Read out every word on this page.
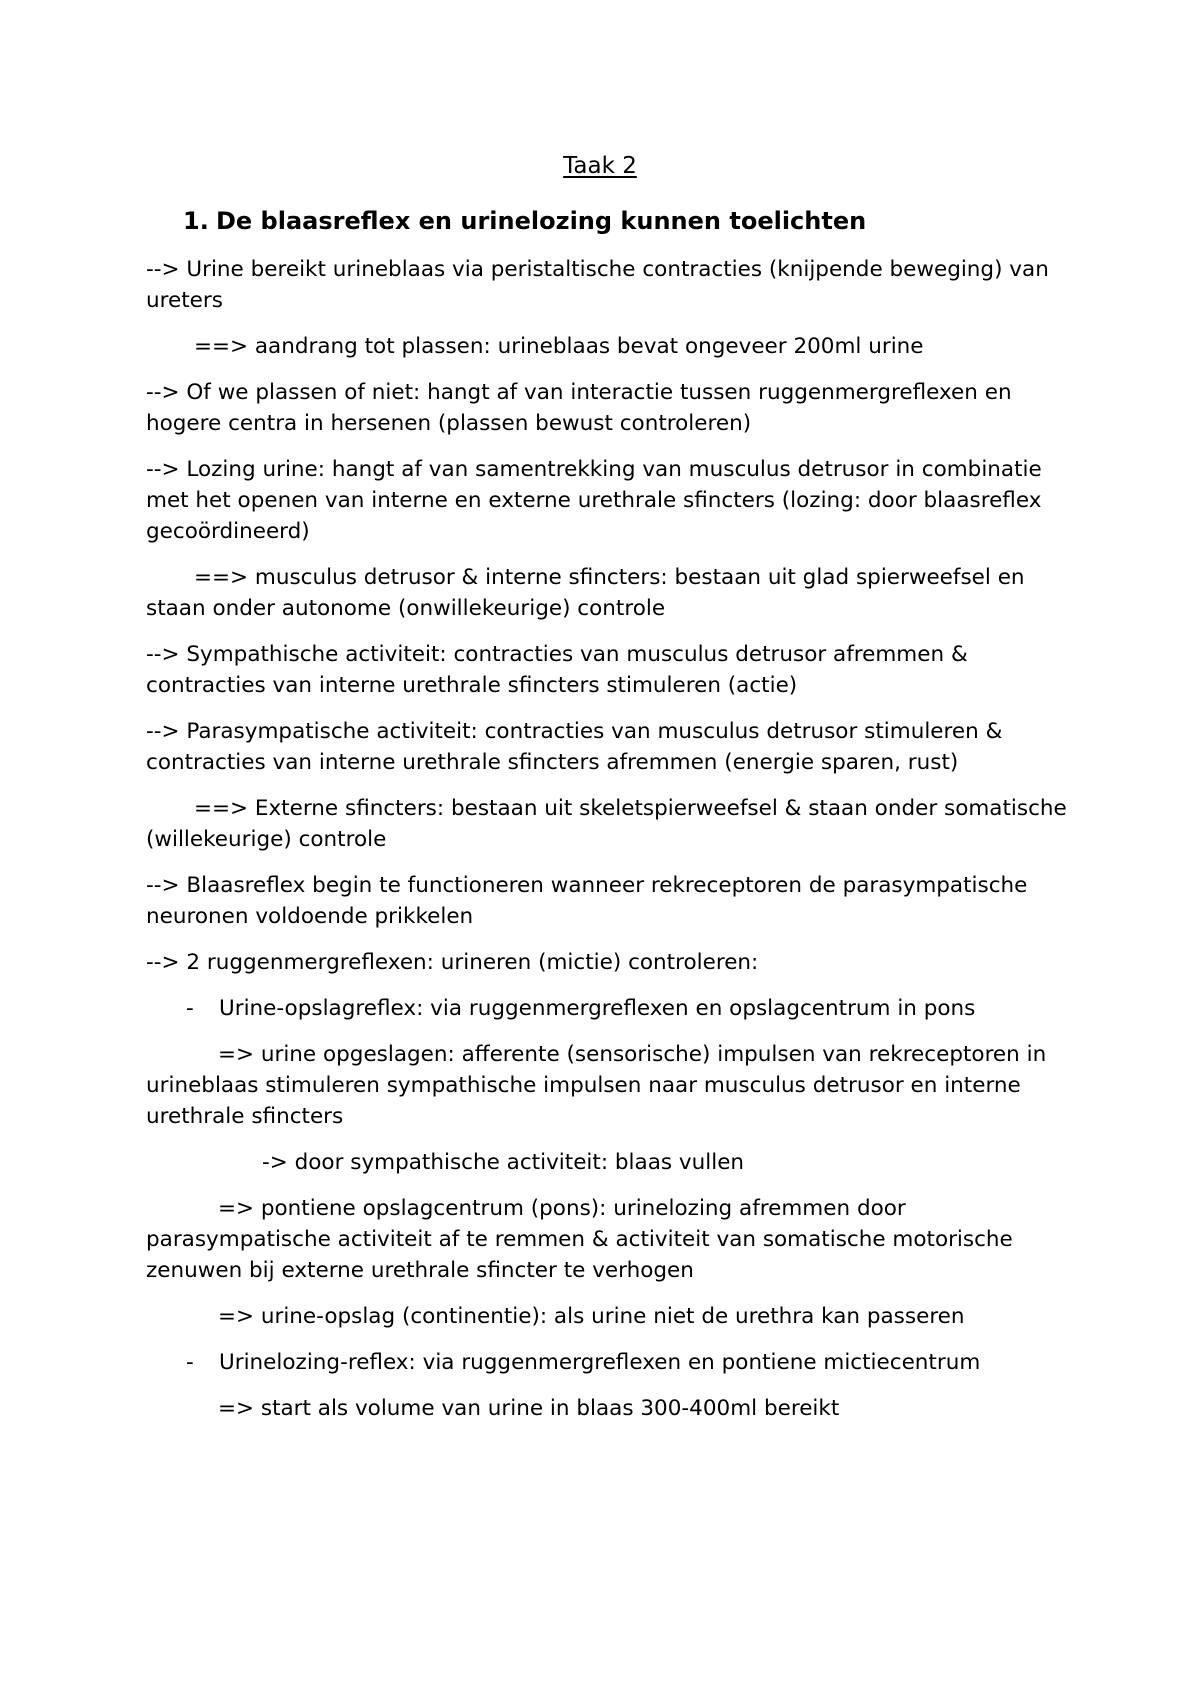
Taak 2
1. De blaasreflex en urinelozing kunnen toelichten

--> Urine bereikt urineblaas via peristaltische contracties (knijpende beweging) van ureters

==> aandrang tot plassen: urineblaas bevat ongeveer 200ml urine

--> Of we plassen of niet: hangt af van interactie tussen ruggenmergreflexen en hogere centra in hersenen (plassen bewust controleren)

--> Lozing urine: hangt af van samentrekking van musculus detrusor in combinatie met het openen van interne en externe urethrale sfincters (lozing: door blaasreflex gecoördineerd)

==> musculus detrusor & interne sfincters: bestaan uit glad spierweefsel en staan onder autonome (onwillekeurige) controle

--> Sympathische activiteit: contracties van musculus detrusor afremmen & contracties van interne urethrale sfincters stimuleren (actie)

--> Parasympatische activiteit: contracties van musculus detrusor stimuleren & contracties van interne urethrale sfincters afremmen (energie sparen, rust)

==> Externe sfincters: bestaan uit skeletspierweefsel & staan onder somatische (willekeurige) controle

--> Blaasreflex begin te functioneren wanneer rekreceptoren de parasympatische neuronen voldoende prikkelen

--> 2 ruggenmergreflexen: urineren (mictie) controleren:

- Urine-opslagreflex: via ruggenmergreflexen en opslagcentrum in pons

=> urine opgeslagen: afferente (sensorische) impulsen van rekreceptoren in urineblaas stimuleren sympathische impulsen naar musculus detrusor en interne urethrale sfincters

-> door sympathische activiteit: blaas vullen

=> pontiene opslagcentrum (pons): urinelozing afremmen door parasympatische activiteit af te remmen & activiteit van somatische motorische zenuwen bij externe urethrale sfincter te verhogen

=> urine-opslag (continentie): als urine niet de urethra kan passeren

- Urinelozing-reflex: via ruggenmergreflexen en pontiene mictiecentrum

=> start als volume van urine in blaas 300-400ml bereikt
